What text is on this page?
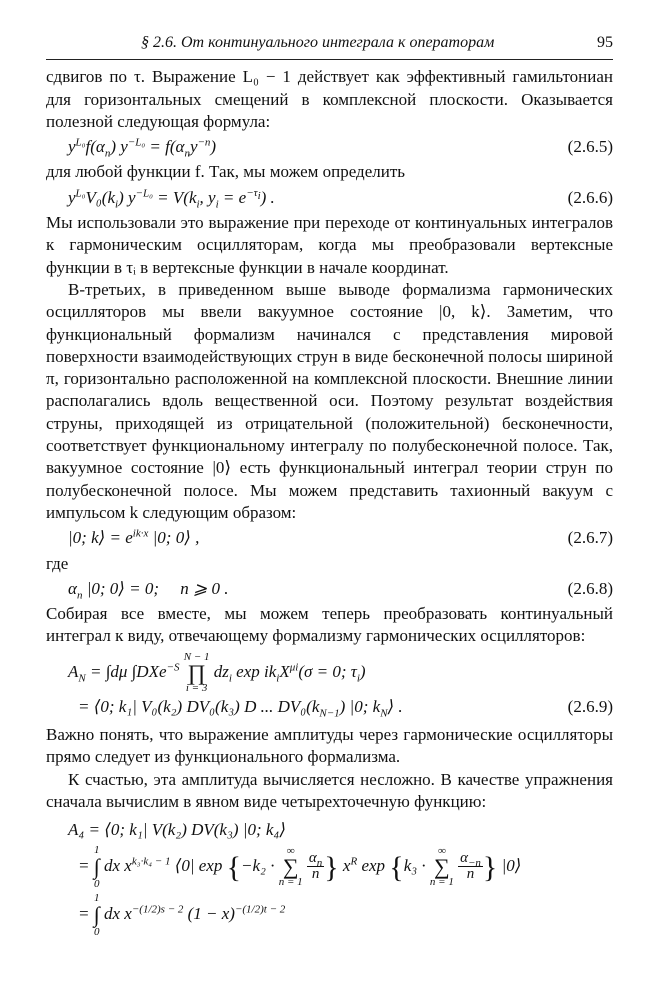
§ 2.6. От континуального интеграла к операторам	95

сдвигов по τ. Выражение L₀ − 1 действует как эффективный гамильтониан для горизонтальных смещений в комплексной плоскости. Оказывается полезной следующая формула:

$y^{L_0}f(\alpha_n) y^{-L_0} = f(\alpha_ny^{-n})$	(2.6.5)

для любой функции f. Так, мы можем определить

$y^{L_0}V_0(k_i) y^{-L_0} = V(k_i$, $y_i = e^{-\tau_i}$) .	(2.6.6)

Мы использовали это выражение при переходе от континуальных интегралов к гармоническим осцилляторам, когда мы преобразовали вертексные функции в τᵢ в вертексные функции в начале координат.

В-третьих, в приведенном выше выводе формализма гармонических осцилляторов мы ввели вакуумное состояние |0, k⟩. Заметим, что функциональный формализм начинался с представления мировой поверхности взаимодействующих струн в виде бесконечной полосы шириной π, горизонтально расположенной на комплексной плоскости. Внешние линии располагались вдоль вещественной оси. Поэтому результат воздействия струны, приходящей из отрицательной (положительной) бесконечности, соответствует функциональному интегралу по полубесконечной полосе. Так, вакуумное состояние |0⟩ есть функциональный интеграл теории струн по полубесконечной полосе. Мы можем представить тахионный вакуум с импульсом k следующим образом:

|0; k⟩ = $e^{ik\cdot x}$ |0; 0⟩ ,	(2.6.7)

где

$\alpha_n$ |0; 0⟩ = 0;     n ⩾ 0 .	(2.6.8)

Собирая все вместе, мы можем теперь преобразовать континуальный интеграл к виду, отвечающему формализму гармонических осцилляторов:

$A_N = \int d\mu$ ∫DXe$^{-S}$ N − 1
∏
i = 3 $dz_i$ $\exp ik_iX^{\mu i}(\sigma = 0$; $\tau_i$)
= ⟨0; k₁| V₀(k₂) DV₀(k₃) D ... $DV_0(k_{N-1})$ |0; $k_N⟩$ .	(2.6.9)

Важно понять, что выражение амплитуды через гармонические осцилляторы прямо следует из функционального формализма.

К счастью, эта амплитуда вычисляется несложно. В качестве упражнения сначала вычислим в явном виде четырехточечную функцию:

A₄ = ⟨0; k₁| V(k₂) DV(k₃) |0; k₄⟩
= 1
∫
0 dx $x^{k_3\cdot k_4 - 1}$ ⟨0| exp {−k₂ · ∞
∑
$n = 1 \frac{\alpha_n}{n}$ } $x^R$ exp {k₃ · ∞
∑
$n = 1 \frac{\alpha_{-n}}{n}$ } |0⟩
= 1
∫
0 dx $x^{-(1/2)s - 2}$ $(1 - x)^{-(1/2)t - 2}$
